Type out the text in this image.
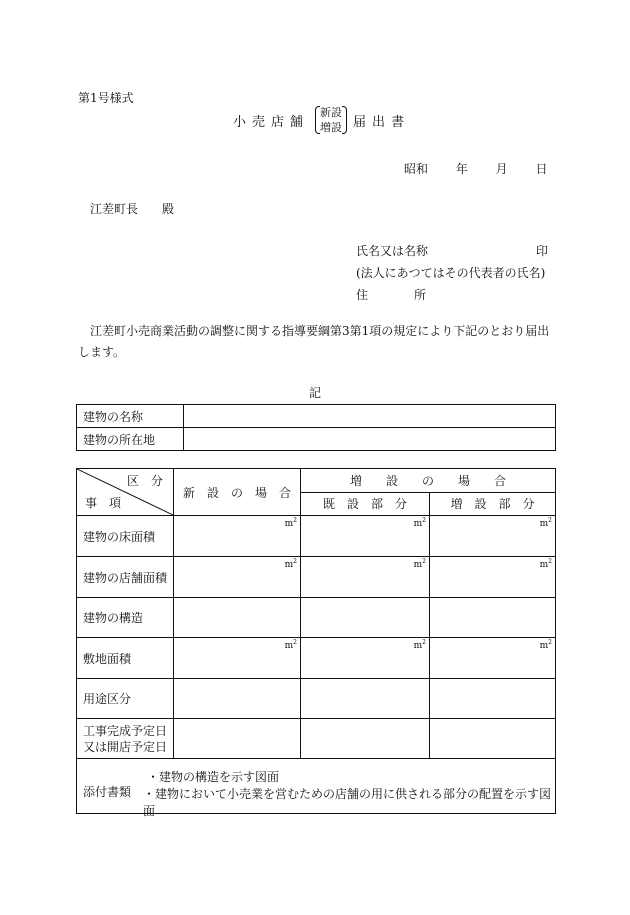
第1号様式
小売店舗
新設
増設 届出書
昭和 年 月 日
江差町長　　殿
氏名又は名称	印
(法人にあつてはその代表者の氏名)
住	所
江差町小売商業活動の調整に関する指導要綱第3第1項の規定により下記のとおり届出します。
記
建物の名称	
建物の所在地	
区　分
事　項	新　設　の　場　合	増　　設　　の　　場　　合	
		既　設　部　分	増　設　部　分

建物の床面積	$m^2$	$m^2$	$m^2$
建物の店舗面積	$m^2$	$m^2$	$m^2$
建物の構造			
敷地面積	$m^2$	$m^2$	$m^2$
用途区分			

工事完成予定日
又は開店予定日			

添付書類
・建物の構造を示す図面
・建物において小売業を営むための店舗の用に供される部分の配置を示す図面			
